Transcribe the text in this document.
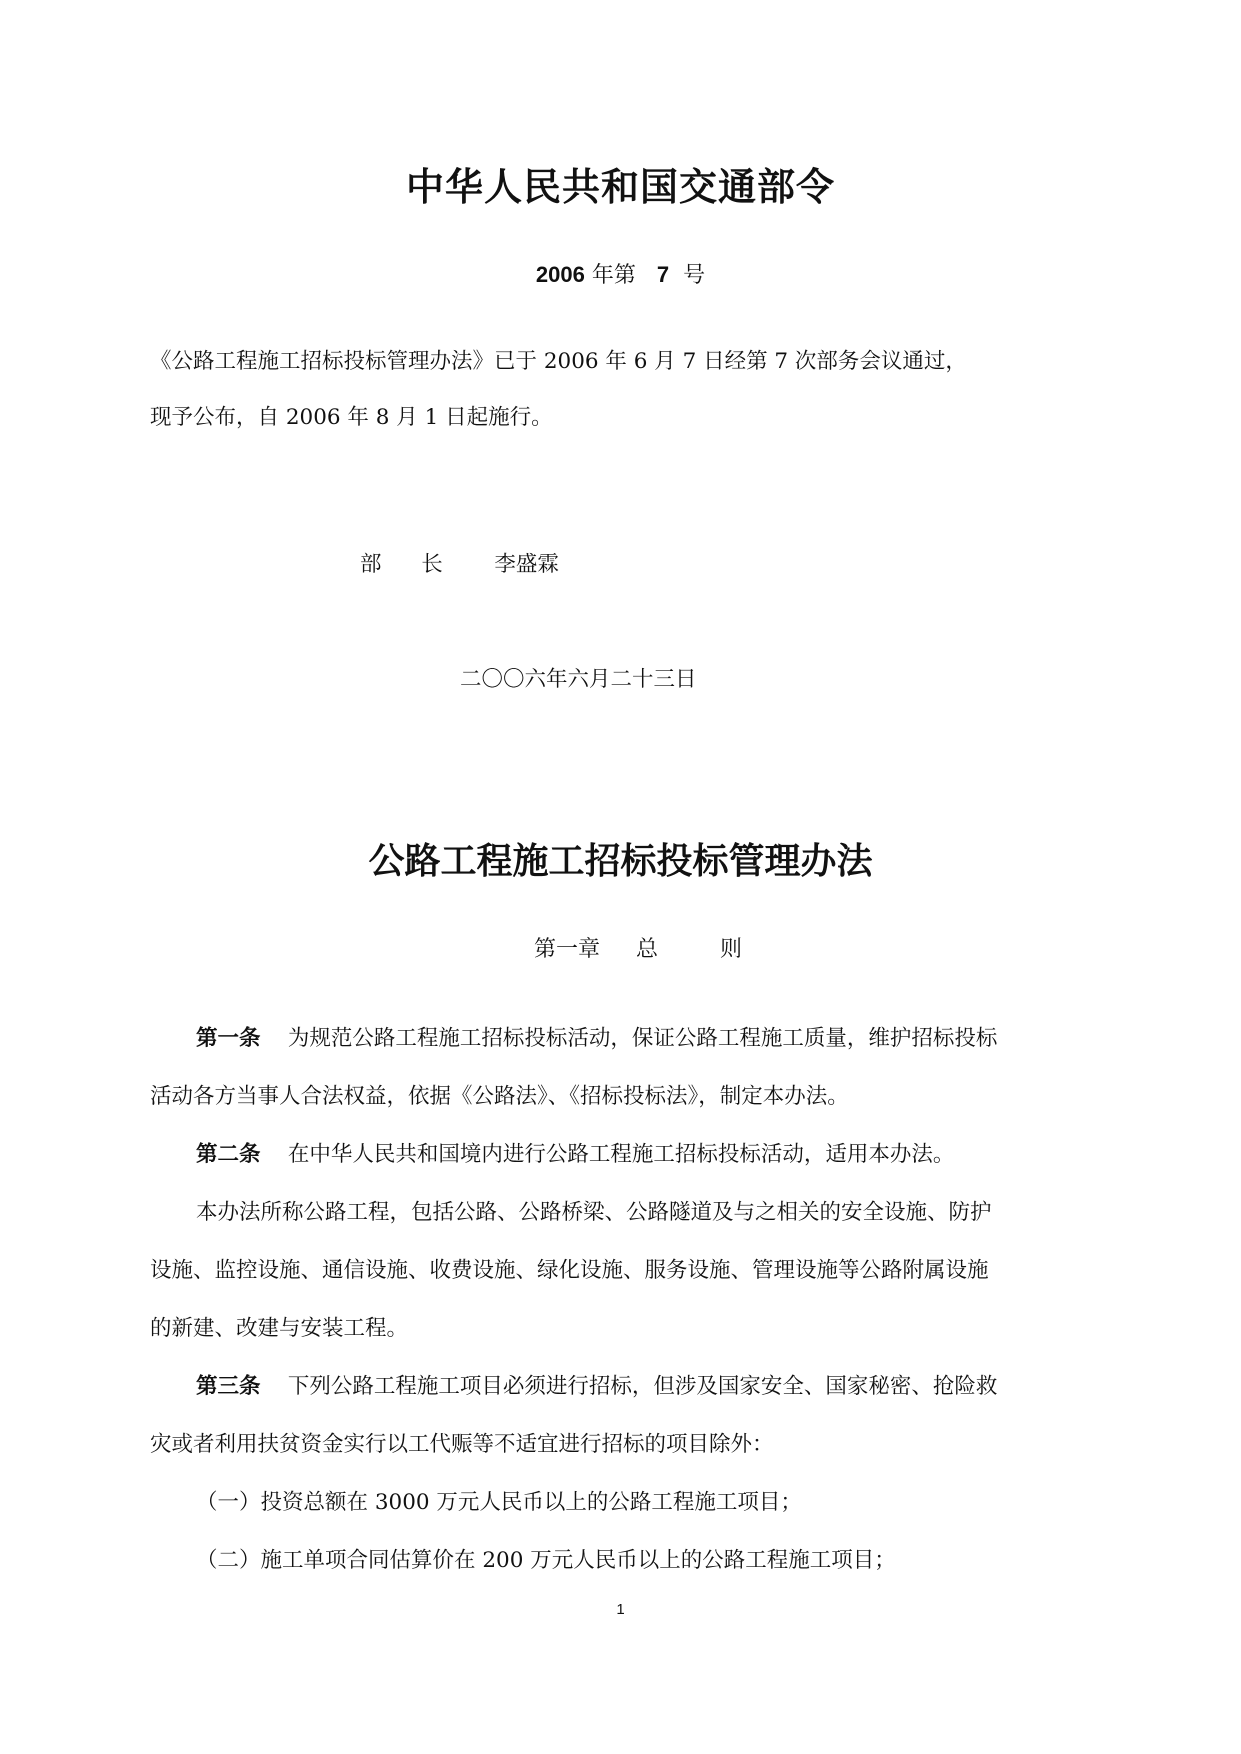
中华人民共和国交通部令
2006 年第 7 号
《公路工程施工招标投标管理办法》已于 2006 年 6 月 7 日经第 7 次部务会议通过，
现予公布，自 2006 年 8 月 1 日起施行。
部 长 李盛霖
二〇〇六年六月二十三日
公路工程施工招标投标管理办法
第一章 总	则
第一条 为规范公路工程施工招标投标活动，保证公路工程施工质量，维护招标投标
活动各方当事人合法权益，依据《公路法》、《招标投标法》，制定本办法。
第二条 在中华人民共和国境内进行公路工程施工招标投标活动，适用本办法。
本办法所称公路工程，包括公路、公路桥梁、公路隧道及与之相关的安全设施、防护
设施、监控设施、通信设施、收费设施、绿化设施、服务设施、管理设施等公路附属设施
的新建、改建与安装工程。
第三条 下列公路工程施工项目必须进行招标，但涉及国家安全、国家秘密、抢险救
灾或者利用扶贫资金实行以工代赈等不适宜进行招标的项目除外：
（一）投资总额在 3000 万元人民币以上的公路工程施工项目；
（二）施工单项合同估算价在 200 万元人民币以上的公路工程施工项目；
1
